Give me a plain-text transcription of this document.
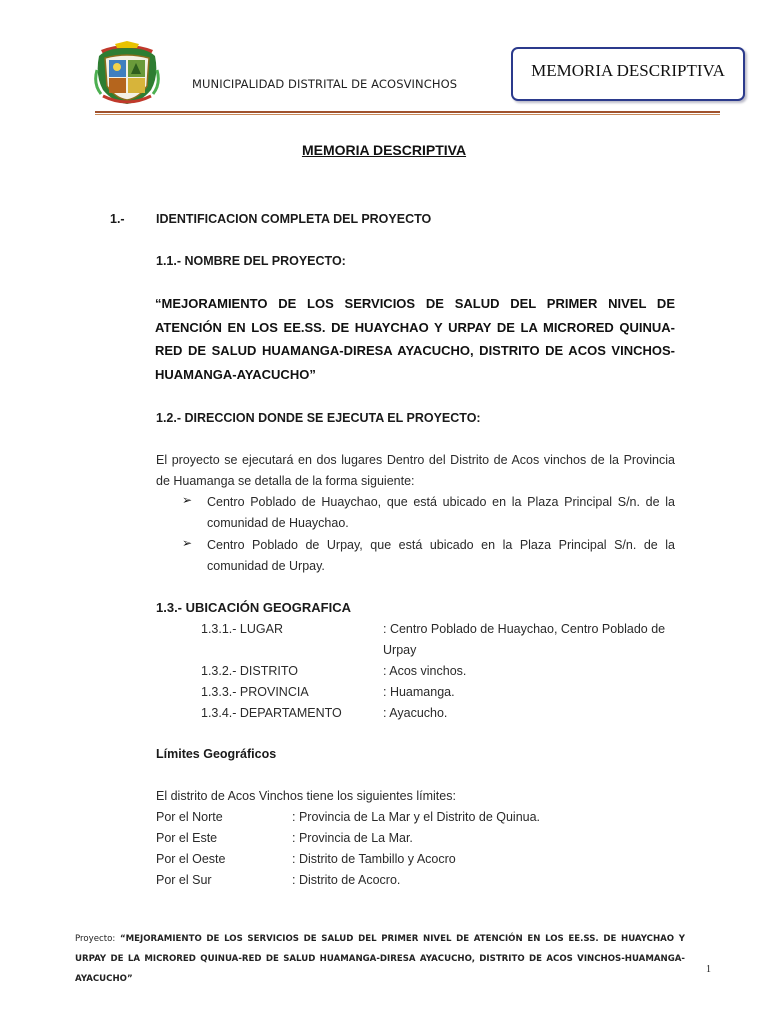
MUNICIPALIDAD DISTRITAL DE ACOSVINCHOS
MEMORIA DESCRIPTIVA
MEMORIA DESCRIPTIVA
1.-	IDENTIFICACION COMPLETA DEL PROYECTO
1.1.- NOMBRE DEL PROYECTO:
“MEJORAMIENTO DE LOS SERVICIOS DE SALUD DEL PRIMER NIVEL DE ATENCIÓN EN LOS EE.SS. DE HUAYCHAO Y URPAY DE LA MICRORED QUINUA-RED DE SALUD HUAMANGA-DIRESA AYACUCHO, DISTRITO DE ACOS VINCHOS-HUAMANGA-AYACUCHO”
1.2.- DIRECCION DONDE SE EJECUTA EL PROYECTO:
El proyecto se ejecutará en dos lugares Dentro del Distrito de Acos vinchos de la Provincia de Huamanga se detalla de la forma siguiente:
➢ Centro Poblado de Huaychao, que está ubicado en la Plaza Principal S/n. de la comunidad de Huaychao.
➢ Centro Poblado de Urpay, que está ubicado en la Plaza Principal S/n. de la comunidad de Urpay.
1.3.- UBICACIÓN GEOGRAFICA
1.3.1.- LUGAR	: Centro Poblado de Huaychao, Centro Poblado de
Urpay
1.3.2.- DISTRITO	: Acos vinchos.
1.3.3.- PROVINCIA	: Huamanga.
1.3.4.- DEPARTAMENTO	: Ayacucho.
Límites Geográficos
El distrito de Acos Vinchos tiene los siguientes límites:
Por el Norte	: Provincia de La Mar y el Distrito de Quinua.
Por el Este	: Provincia de La Mar.
Por el Oeste	: Distrito de Tambillo y Acocro
Por el Sur	: Distrito de Acocro.
Proyecto: “MEJORAMIENTO DE LOS SERVICIOS DE SALUD DEL PRIMER NIVEL DE ATENCIÓN EN LOS EE.SS. DE HUAYCHAO Y URPAY DE LA MICRORED QUINUA-RED DE SALUD HUAMANGA-DIRESA AYACUCHO, DISTRITO DE ACOS VINCHOS-HUAMANGA-AYACUCHO”
1
